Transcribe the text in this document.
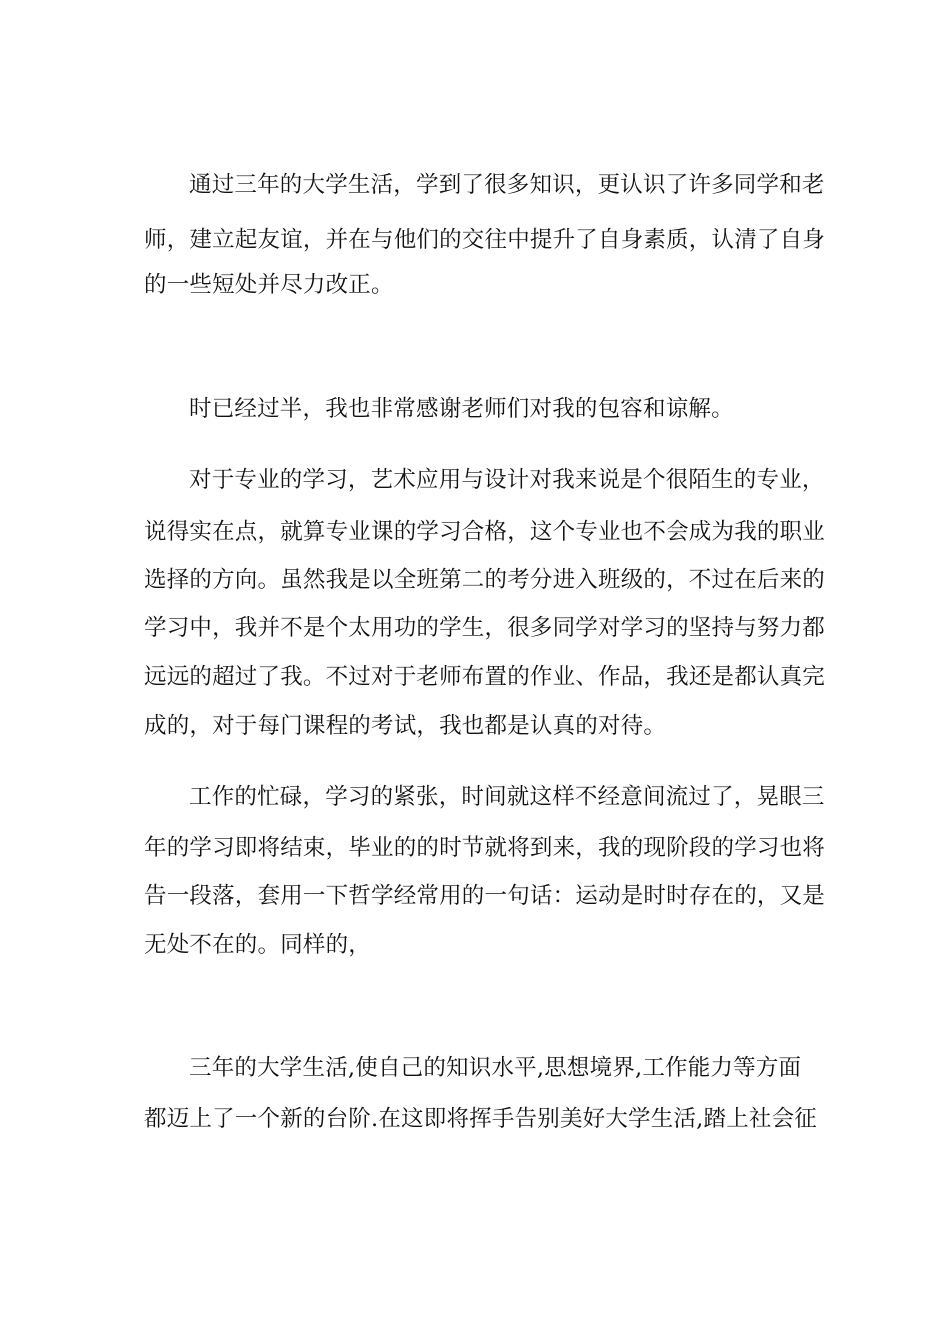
通过三年的大学生活，学到了很多知识，更认识了许多同学和老
师，建立起友谊，并在与他们的交往中提升了自身素质，认清了自身
的一些短处并尽力改正。
时已经过半，我也非常感谢老师们对我的包容和谅解。
对于专业的学习，艺术应用与设计对我来说是个很陌生的专业，
说得实在点，就算专业课的学习合格，这个专业也不会成为我的职业
选择的方向。虽然我是以全班第二的考分进入班级的，不过在后来的
学习中，我并不是个太用功的学生，很多同学对学习的坚持与努力都
远远的超过了我。不过对于老师布置的作业、作品，我还是都认真完
成的，对于每门课程的考试，我也都是认真的对待。
工作的忙碌，学习的紧张，时间就这样不经意间流过了，晃眼三
年的学习即将结束，毕业的的时节就将到来，我的现阶段的学习也将
告一段落，套用一下哲学经常用的一句话：运动是时时存在的，又是
无处不在的。同样的，
三年的大学生活,使自己的知识水平,思想境界,工作能力等方面
都迈上了一个新的台阶.在这即将挥手告别美好大学生活,踏上社会征
